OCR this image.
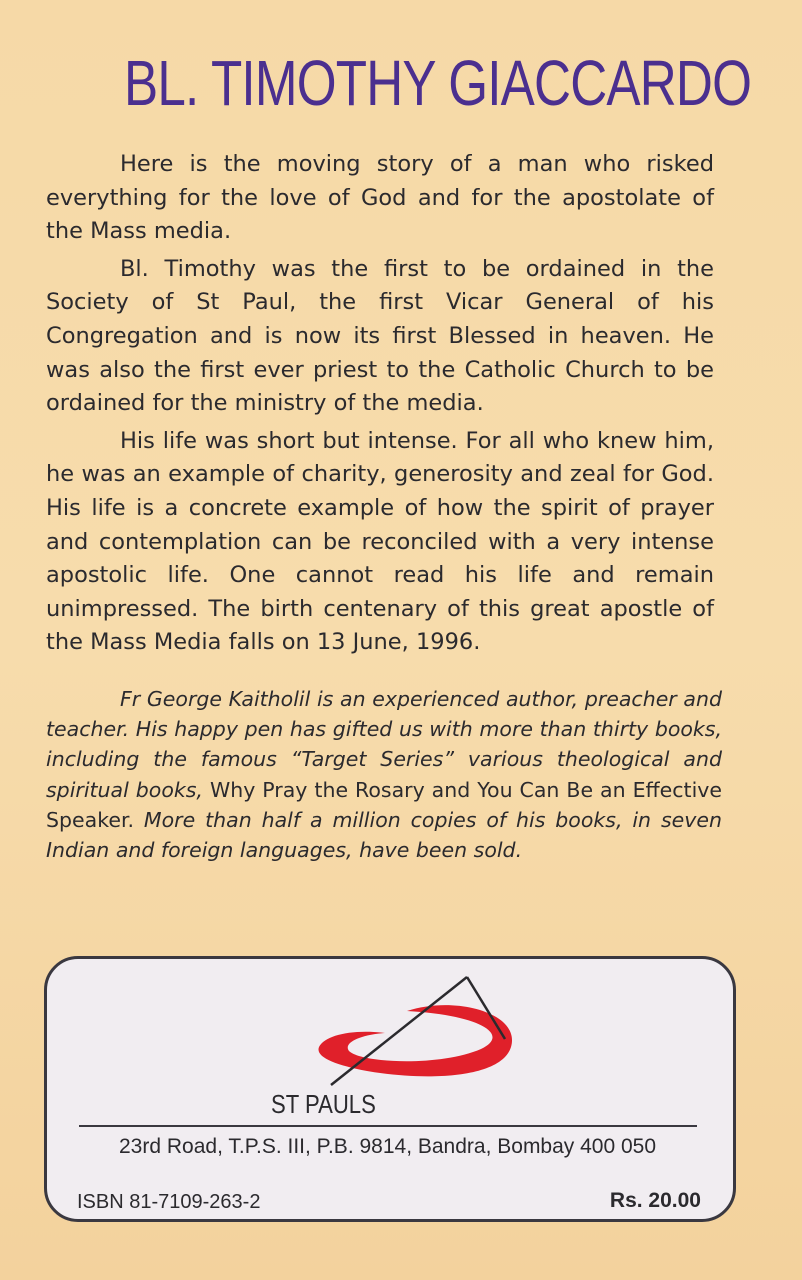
BL. TIMOTHY GIACCARDO

Here is the moving story of a man who risked everything for the love of God and for the apostolate of the Mass media.

Bl. Timothy was the first to be ordained in the Society of St Paul, the first Vicar General of his Congregation and is now its first Blessed in heaven. He was also the first ever priest to the Catholic Church to be ordained for the ministry of the media.

His life was short but intense. For all who knew him, he was an example of charity, generosity and zeal for God. His life is a concrete example of how the spirit of prayer and contemplation can be reconciled with a very intense apostolic life. One cannot read his life and remain unimpressed. The birth centenary of this great apostle of the Mass Media falls on 13 June, 1996.

Fr George Kaitholil is an experienced author, preacher and teacher. His happy pen has gifted us with more than thirty books, including the famous “Target Series” various theological and spiritual books, Why Pray the Rosary and You Can Be an Effective Speaker. More than half a million copies of his books, in seven Indian and foreign languages, have been sold.
ST PAULS
23rd Road, T.P.S. III, P.B. 9814, Bandra, Bombay 400 050
ISBN 81-7109-263-2	Rs. 20.00
